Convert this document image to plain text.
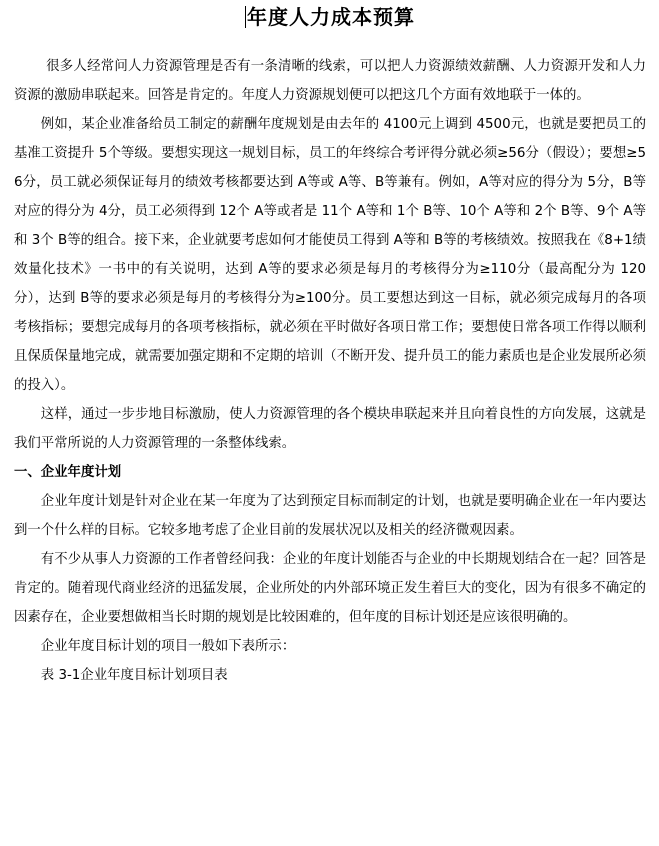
年度人力成本预算

很多人经常问人力资源管理是否有一条清晰的线索，可以把人力资源绩效薪酬、人力资源开发和人力资源的激励串联起来。回答是肯定的。年度人力资源规划便可以把这几个方面有效地联于一体的。

例如，某企业准备给员工制定的薪酬年度规划是由去年的 4100元上调到 4500元，也就是要把员工的基准工资提升 5个等级。要想实现这一规划目标，员工的年终综合考评得分就必须≥56分（假设）；要想≥56分，员工就必须保证每月的绩效考核都要达到 A等或 A等、B等兼有。例如，A等对应的得分为 5分，B等对应的得分为 4分，员工必须得到 12个 A等或者是 11个 A等和 1个 B等、10个 A等和 2个 B等、9个 A等和 3个 B等的组合。接下来，企业就要考虑如何才能使员工得到 A等和 B等的考核绩效。按照我在《8+1绩效量化技术》一书中的有关说明，达到 A等的要求必须是每月的考核得分为≥110分（最高配分为 120分），达到 B等的要求必须是每月的考核得分为≥100分。员工要想达到这一目标，就必须完成每月的各项考核指标；要想完成每月的各项考核指标，就必须在平时做好各项日常工作；要想使日常各项工作得以顺利且保质保量地完成，就需要加强定期和不定期的培训（不断开发、提升员工的能力素质也是企业发展所必须的投入）。

这样，通过一步步地目标激励，使人力资源管理的各个模块串联起来并且向着良性的方向发展，这就是我们平常所说的人力资源管理的一条整体线索。

一、企业年度计划

企业年度计划是针对企业在某一年度为了达到预定目标而制定的计划，也就是要明确企业在一年内要达到一个什么样的目标。它较多地考虑了企业目前的发展状况以及相关的经济微观因素。

有不少从事人力资源的工作者曾经问我：企业的年度计划能否与企业的中长期规划结合在一起？回答是肯定的。随着现代商业经济的迅猛发展，企业所处的内外部环境正发生着巨大的变化，因为有很多不确定的因素存在，企业要想做相当长时期的规划是比较困难的，但年度的目标计划还是应该很明确的。

企业年度目标计划的项目一般如下表所示：

表 3-1企业年度目标计划项目表
